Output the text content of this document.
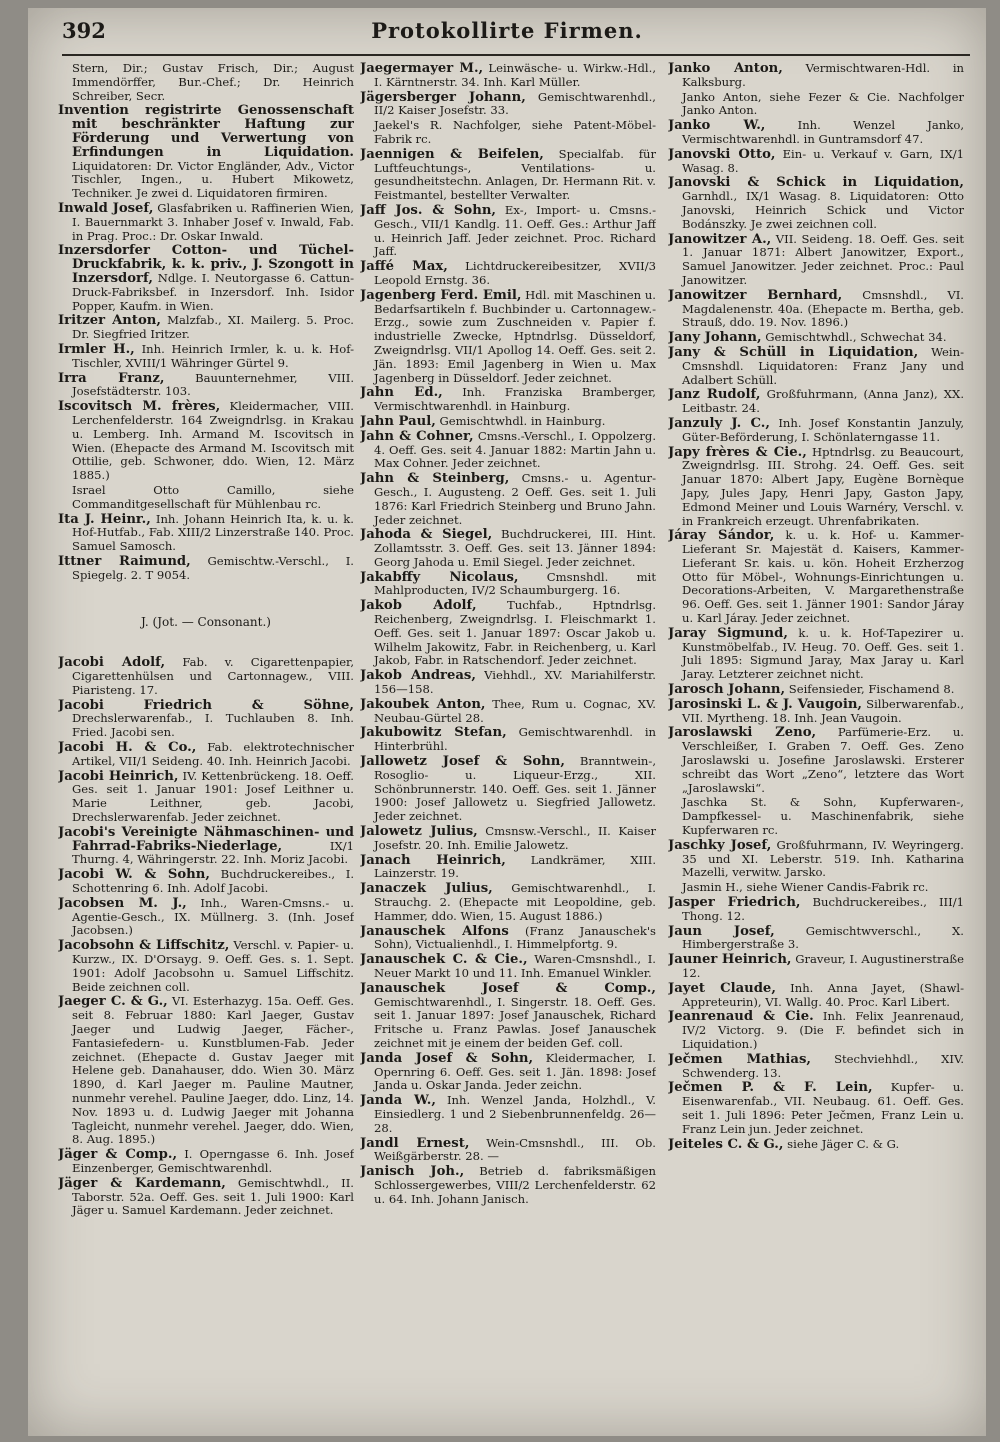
392	Protokollirte Firmen.
Stern, Dir.; Gustav Frisch, Dir.; August Immendörffer, Bur.-Chef.; Dr. Heinrich Schreiber, Secr.
Invention registrirte Genossenschaft mit beschränkter Haftung zur Förderung und Verwertung von Erfindungen in Liquidation. Liquidatoren: Dr. Victor Engländer, Adv., Victor Tischler, Ingen., u. Hubert Mikowetz, Techniker. Je zwei d. Liquidatoren firmiren.
Inwald Josef, Glasfabriken u. Raffinerien Wien, I. Bauernmarkt 3. Inhaber Josef v. Inwald, Fab. in Prag. Proc.: Dr. Oskar Inwald.
Inzersdorfer Cotton- und Tüchel-Druckfabrik, k. k. priv., J. Szongott in Inzersdorf, Ndlge. I. Neutorgasse 6. Cattun-Druck-Fabriksbef. in Inzersdorf. Inh. Isidor Popper, Kaufm. in Wien.
Iritzer Anton, Malzfab., XI. Mailerg. 5. Proc. Dr. Siegfried Iritzer.
Irmler H., Inh. Heinrich Irmler, k. u. k. Hof-Tischler, XVIII/1 Währinger Gürtel 9.
Irra Franz,	Bauunternehmer, VIII. Josefstädterstr. 103.
Iscovitsch M. frères, Kleidermacher, VIII. Lerchenfelderstr. 164 Zweigndrlsg. in Krakau u. Lemberg. Inh. Armand M. Iscovitsch in Wien. (Ehepacte des Armand M. Iscovitsch mit Ottilie, geb. Schwoner, ddo. Wien, 12. März 1885.)
Israel Otto Camillo, siehe Commanditgesellschaft für Mühlenbau rc.
Ita J. Heinr., Inh. Johann Heinrich Ita, k. u. k. Hof-Hutfab., Fab. XIII/2 Linzerstraße 140. Proc. Samuel Samosch.
Ittner Raimund, Gemischtw.-Verschl., I. Spiegelg. 2. T 9054.
J. (Jot. — Consonant.)
Jacobi Adolf, Fab. v. Cigarettenpapier, Cigarettenhülsen und Cartonnagew., VIII. Piaristeng. 17.
Jacobi Friedrich & Söhne, Drechslerwarenfab., I. Tuchlauben 8. Inh. Fried. Jacobi sen.
Jacobi H. & Co., Fab. elektrotechnischer Artikel, VII/1 Seideng. 40. Inh. Heinrich Jacobi.
Jacobi Heinrich, IV. Kettenbrückeng. 18. Oeff. Ges. seit 1. Januar 1901: Josef Leithner u. Marie Leithner, geb. Jacobi, Drechslerwarenfab. Jeder zeichnet.
Jacobi's Vereinigte Nähmaschinen- und Fahrrad-Fabriks-Niederlage,	IX/1 Thurng. 4, Währingerstr. 22. Inh. Moriz Jacobi.
Jacobi W. & Sohn, Buchdruckereibes., I. Schottenring 6. Inh. Adolf Jacobi.
Jacobsen M. J., Inh., Waren-Cmsns.- u. Agentie-Gesch., IX. Müllnerg. 3. (Inh. Josef Jacobsen.)
Jacobsohn & Liffschitz, Verschl. v. Papier- u. Kurzw., IX. D'Orsayg. 9. Oeff. Ges. s. 1. Sept. 1901: Adolf Jacobsohn u. Samuel Liffschitz. Beide zeichnen coll.
Jaeger C. & G., VI. Esterhazyg. 15a. Oeff. Ges. seit 8. Februar 1880: Karl Jaeger, Gustav Jaeger und Ludwig Jaeger, Fächer-, Fantasiefedern- u. Kunstblumen-Fab. Jeder zeichnet. (Ehepacte d. Gustav Jaeger mit Helene geb. Danahauser, ddo. Wien 30. März 1890, d. Karl Jaeger m. Pauline Mautner, nunmehr verehel. Pauline Jaeger, ddo. Linz, 14. Nov. 1893 u. d. Ludwig Jaeger mit Johanna Tagleicht, nunmehr verehel. Jaeger, ddo. Wien, 8. Aug. 1895.)
Jäger & Comp., I. Operngasse 6. Inh. Josef Einzenberger, Gemischtwarenhdl.
Jäger & Kardemann, Gemischtwhdl., II. Taborstr. 52a. Oeff. Ges. seit 1. Juli 1900: Karl Jäger u. Samuel Kardemann. Jeder zeichnet.
Jaegermayer M., Leinwäsche- u. Wirkw.-Hdl., I. Kärntnerstr. 34. Inh. Karl Müller.
Jägersberger Johann, Gemischtwarenhdl., II/2 Kaiser Josefstr. 33.
Jaekel's R. Nachfolger, siehe Patent-Möbel-Fabrik rc.
Jaennigen & Beifelen, Specialfab. für Luftfeuchtungs-, Ventilations- u. gesundheitstechn. Anlagen, Dr. Hermann Rit. v. Feistmantel, bestellter Verwalter.
Jaff Jos. & Sohn, Ex-, Import- u. Cmsns.-Gesch., VII/1 Kandlg. 11. Oeff. Ges.: Arthur Jaff u. Heinrich Jaff. Jeder zeichnet. Proc. Richard Jaff.
Jaffé Max, Lichtdruckereibesitzer, XVII/3 Leopold Ernstg. 36.
Jagenberg Ferd. Emil, Hdl. mit Maschinen u. Bedarfsartikeln f. Buchbinder u. Cartonnagew.-Erzg., sowie zum Zuschneiden v. Papier f. industrielle Zwecke, Hptndrlsg. Düsseldorf, Zweigndrlsg. VII/1 Apollog 14. Oeff. Ges. seit 2. Jän. 1893: Emil Jagenberg in Wien u. Max Jagenberg in Düsseldorf. Jeder zeichnet.
Jahn Ed., Inh. Franziska Bramberger, Vermischtwarenhdl. in Hainburg.
Jahn Paul, Gemischtwhdl. in Hainburg.
Jahn & Cohner, Cmsns.-Verschl., I. Oppolzerg. 4. Oeff. Ges. seit 4. Januar 1882: Martin Jahn u. Max Cohner. Jeder zeichnet.
Jahn & Steinberg, Cmsns.- u. Agentur-Gesch., I. Augusteng. 2 Oeff. Ges. seit 1. Juli 1876: Karl Friedrich Steinberg und Bruno Jahn. Jeder zeichnet.
Jahoda & Siegel, Buchdruckerei, III. Hint. Zollamtsstr. 3. Oeff. Ges. seit 13. Jänner 1894: Georg Jahoda u. Emil Siegel. Jeder zeichnet.
Jakabffy Nicolaus, Cmsnshdl. mit Mahlproducten, IV/2 Schaumburgerg. 16.
Jakob Adolf,	Tuchfab., Hptndrlsg. Reichenberg, Zweigndrlsg. I. Fleischmarkt 1. Oeff. Ges. seit 1. Januar 1897: Oscar Jakob u. Wilhelm Jakowitz, Fabr. in Reichenberg, u. Karl Jakob, Fabr. in Ratschendorf. Jeder zeichnet.
Jakob Andreas, Viehhdl., XV. Mariahilferstr. 156—158.
Jakoubek Anton, Thee, Rum u. Cognac, XV. Neubau-Gürtel 28.
Jakubowitz Stefan, Gemischtwarenhdl. in Hinterbrühl.
Jallowetz Josef & Sohn, Branntwein-, Rosoglio- u. Liqueur-Erzg., XII. Schönbrunnerstr. 140. Oeff. Ges. seit 1. Jänner 1900: Josef Jallowetz u. Siegfried Jallowetz. Jeder zeichnet.
Jalowetz Julius, Cmsnsw.-Verschl., II. Kaiser Josefstr. 20. Inh. Emilie Jalowetz.
Janach Heinrich, Landkrämer, XIII. Lainzerstr. 19.
Janaczek Julius, Gemischtwarenhdl., I. Strauchg. 2. (Ehepacte mit Leopoldine, geb. Hammer, ddo. Wien, 15. August 1886.)
Janauschek Alfons (Franz Janauschek's Sohn), Victualienhdl., I. Himmelpfortg. 9.
Janauschek C. & Cie., Waren-Cmsnshdl., I. Neuer Markt 10 und 11. Inh. Emanuel Winkler.
Janauschek Josef & Comp., Gemischtwarenhdl., I. Singerstr. 18. Oeff. Ges. seit 1. Januar 1897: Josef Janauschek, Richard Fritsche u. Franz Pawlas. Josef Janauschek zeichnet mit je einem der beiden Gef. coll.
Janda Josef & Sohn, Kleidermacher, I. Opernring 6. Oeff. Ges. seit 1. Jän. 1898: Josef Janda u. Oskar Janda. Jeder zeichn.
Janda W., Inh. Wenzel Janda, Holzhdl., V. Einsiedlerg. 1 und 2 Siebenbrunnenfeldg. 26—28.
Jandl Ernest, Wein-Cmsnshdl., III. Ob. Weißgärberstr. 28. —
Janisch Joh., Betrieb d. fabriksmäßigen Schlossergewerbes, VIII/2 Lerchenfelderstr. 62 u. 64. Inh. Johann Janisch.
Janko Anton, Vermischtwaren-Hdl. in Kalksburg.
Janko Anton, siehe Fezer & Cie. Nachfolger Janko Anton.
Janko W.,	Inh. Wenzel Janko, Vermischtwarenhdl. in Guntramsdorf 47.
Janovski Otto, Ein- u. Verkauf v. Garn, IX/1 Wasag. 8.
Janovski & Schick in Liquidation, Garnhdl., IX/1 Wasag. 8. Liquidatoren: Otto Janovski, Heinrich Schick und Victor Bodánszky. Je zwei zeichnen coll.
Janowitzer A., VII. Seideng. 18. Oeff. Ges. seit 1. Januar 1871: Albert Janowitzer, Export., Samuel Janowitzer. Jeder zeichnet. Proc.: Paul Janowitzer.
Janowitzer Bernhard, Cmsnshdl., VI. Magdalenenstr. 40a. (Ehepacte m. Bertha, geb. Strauß, ddo. 19. Nov. 1896.)
Jany Johann, Gemischtwhdl., Schwechat 34.
Jany & Schüll in Liquidation, Wein-Cmsnshdl. Liquidatoren: Franz Jany und Adalbert Schüll.
Janz Rudolf, Großfuhrmann, (Anna Janz), XX. Leitbastr. 24.
Janzuly J. C., Inh. Josef Konstantin Janzuly, Güter-Beförderung, I. Schönlaterngasse 11.
Japy frères & Cie., Hptndrlsg. zu Beaucourt, Zweigndrlsg. III. Strohg. 24. Oeff. Ges. seit Januar 1870: Albert Japy, Eugène Bornèque Japy, Jules Japy, Henri Japy, Gaston Japy, Edmond Meiner und Louis Warnéry, Verschl. v. in Frankreich erzeugt. Uhrenfabrikaten.
Járay Sándor, k. u. k. Hof- u. Kammer-Lieferant Sr. Majestät d. Kaisers, Kammer-Lieferant Sr. kais. u. kön. Hoheit Erzherzog Otto für Möbel-, Wohnungs-Einrichtungen u. Decorations-Arbeiten, V. Margarethenstraße 96. Oeff. Ges. seit 1. Jänner 1901: Sandor Járay u. Karl Járay. Jeder zeichnet.
Jaray Sigmund, k. u. k. Hof-Tapezirer u. Kunstmöbelfab., IV. Heug. 70. Oeff. Ges. seit 1. Juli 1895: Sigmund Jaray, Max Jaray u. Karl Jaray. Letzterer zeichnet nicht.
Jarosch Johann, Seifensieder, Fischamend 8.
Jarosinski L. & J. Vaugoin, Silberwarenfab., VII. Myrtheng. 18. Inh. Jean Vaugoin.
Jaroslawski Zeno, Parfümerie-Erz. u. Verschleißer, I. Graben 7. Oeff. Ges. Zeno Jaroslawski u. Josefine Jaroslawski. Ersterer schreibt das Wort „Zeno“, letztere das Wort „Jaroslawski“.
Jaschka St. & Sohn, Kupferwaren-, Dampfkessel- u. Maschinenfabrik, siehe Kupferwaren rc.
Jaschky Josef, Großfuhrmann, IV. Weyringerg. 35 und XI. Leberstr. 519. Inh. Katharina Mazelli, verwitw. Jarsko.
Jasmin H., siehe Wiener Candis-Fabrik rc.
Jasper Friedrich, Buchdruckereibes., III/1 Thong. 12.
Jaun Josef,	Gemischtwverschl., X. Himbergerstraße 3.
Jauner Heinrich, Graveur, I. Augustinerstraße 12.
Jayet Claude, Inh. Anna Jayet, (Shawl-Appreteurin), VI. Wallg. 40. Proc. Karl Libert.
Jeanrenaud & Cie. Inh. Felix Jeanrenaud, IV/2 Victorg. 9. (Die F. befindet sich in Liquidation.)
Ječmen Mathias, Stechviehhdl., XIV. Schwenderg. 13.
Ječmen P. & F. Lein, Kupfer- u. Eisenwarenfab., VII. Neubaug. 61. Oeff. Ges. seit 1. Juli 1896: Peter Ječmen, Franz Lein u. Franz Lein jun. Jeder zeichnet.
Jeiteles C. & G., siehe Jäger C. & G.
